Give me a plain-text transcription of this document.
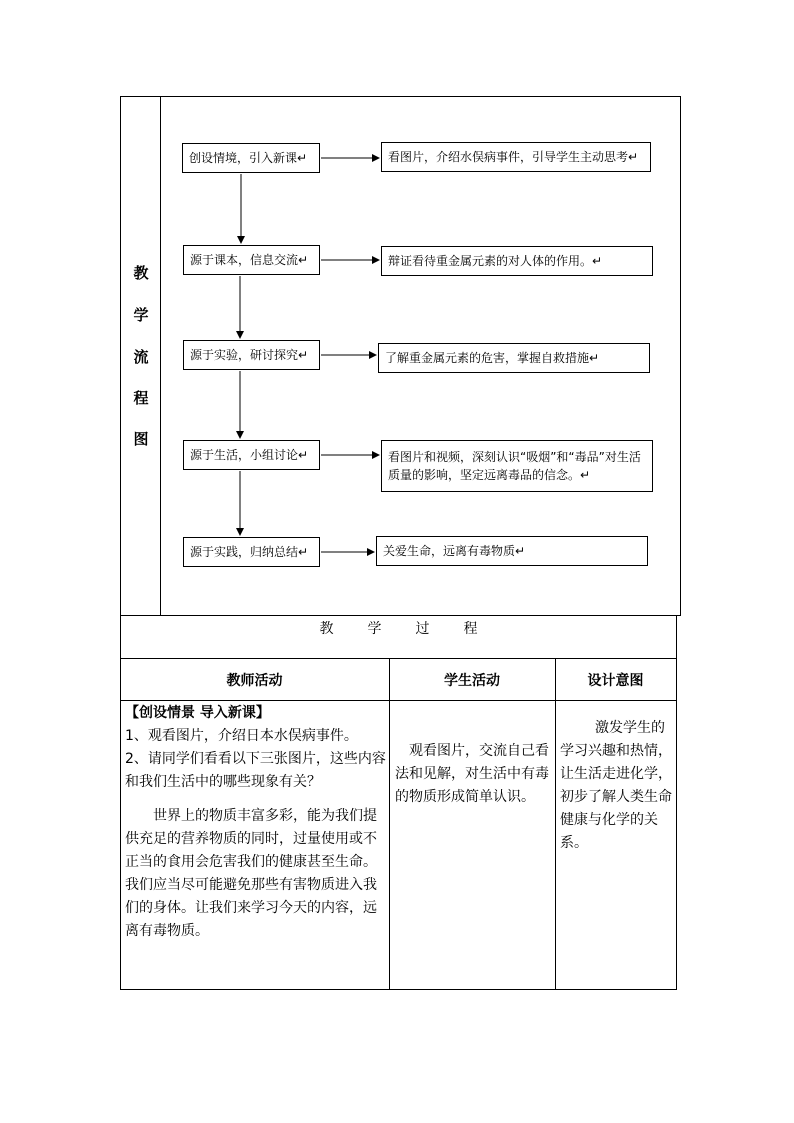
教
学
流
程
图
创设情境，引入新课↵
源于课本，信息交流↵
源于实验，研讨探究↵
源于生活，小组讨论↵
源于实践，归纳总结↵
看图片，介绍水俣病事件，引导学生主动思考↵
辩证看待重金属元素的对人体的作用。↵
了解重金属元素的危害，掌握自救措施↵
看图片和视频，深刻认识“吸烟”和“毒品”对生活质量的影响，坚定远离毒品的信念。↵
关爱生命，远离有毒物质↵
教 学 过 程
教师活动	学生活动	设计意图
【创设情景 导入新课】
1、观看图片，介绍日本水俣病事件。
2、请同学们看看以下三张图片，这些内容和我们生活中的哪些现象有关？
世界上的物质丰富多彩，能为我们提供充足的营养物质的同时，过量使用或不正当的食用会危害我们的健康甚至生命。我们应当尽可能避免那些有害物质进入我们的身体。让我们来学习今天的内容，远离有毒物质。
观看图片，交流自己看法和见解，对生活中有毒的物质形成简单认识。
激发学生的学习兴趣和热情，让生活走进化学，初步了解人类生命健康与化学的关系。
